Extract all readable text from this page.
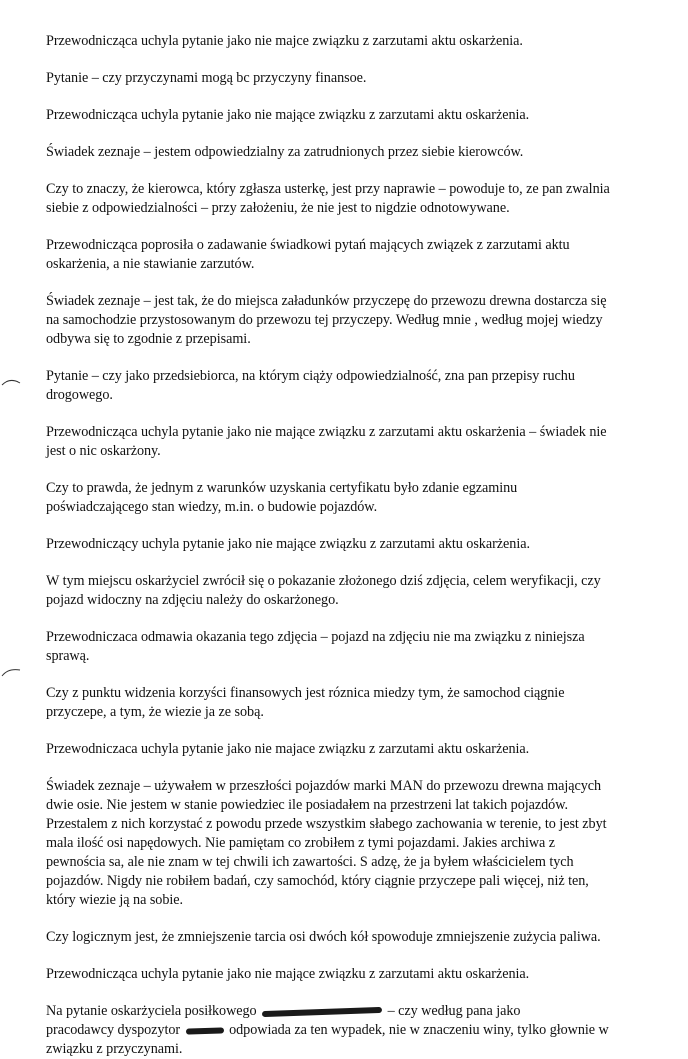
Przewodnicząca uchyla pytanie jako nie majce związku z zarzutami aktu oskarżenia.

Pytanie – czy przyczynami mogą bc przyczyny finansoe.

Przewodnicząca uchyla pytanie jako nie mające związku z zarzutami aktu oskarżenia.

Świadek zeznaje – jestem odpowiedzialny za zatrudnionych przez siebie kierowców.

Czy to znaczy, że kierowca, który zgłasza usterkę, jest przy naprawie – powoduje to, ze pan zwalnia
siebie z odpowiedzialności – przy założeniu, że nie jest to nigdzie odnotowywane.

Przewodnicząca poprosiła o zadawanie świadkowi pytań mających związek z zarzutami aktu
oskarżenia, a nie stawianie zarzutów.

Świadek zeznaje – jest tak, że do miejsca załadunków przyczepę do przewozu drewna dostarcza się
na samochodzie przystosowanym do przewozu tej przyczepy. Według mnie , według mojej wiedzy
odbywa się to zgodnie z przepisami.

Pytanie – czy jako przedsiebiorca, na którym ciąży odpowiedzialność, zna pan przepisy ruchu
drogowego.

Przewodnicząca uchyla pytanie jako nie mające związku z zarzutami aktu oskarżenia – świadek nie
jest o nic oskarżony.

Czy to prawda, że jednym z warunków uzyskania certyfikatu było zdanie egzaminu
poświadczającego stan wiedzy, m.in. o budowie pojazdów.

Przewodniczący uchyla pytanie jako nie mające związku z zarzutami aktu oskarżenia.

W tym miejscu oskarżyciel zwrócił się o pokazanie złożonego dziś zdjęcia, celem weryfikacji, czy
pojazd widoczny na zdjęciu należy do oskarżonego.

Przewodniczaca odmawia okazania tego zdjęcia – pojazd na zdjęciu nie ma związku z niniejsza
sprawą.

Czy z punktu widzenia korzyści finansowych jest róznica miedzy tym, że samochod ciągnie
przyczepe, a tym, że wiezie ja ze sobą.

Przewodniczaca uchyla pytanie jako nie majace związku z zarzutami aktu oskarżenia.

Świadek zeznaje – używałem w przeszłości pojazdów marki MAN do przewozu drewna mających
dwie osie. Nie jestem w stanie powiedziec ile posiadałem na przestrzeni lat takich pojazdów.
Przestalem z nich korzystać z powodu przede wszystkim słabego zachowania w terenie, to jest zbyt
mala ilość osi napędowych. Nie pamiętam co zrobiłem z tymi pojazdami. Jakies archiwa z
pewnościa sa, ale nie znam w tej chwili ich zawartości. S adzę, że ja byłem właścicielem tych
pojazdów. Nigdy nie robiłem badań, czy samochód, który ciągnie przyczepe pali więcej, niż ten,
który wiezie ją na sobie.

Czy logicznym jest, że zmniejszenie tarcia osi dwóch kół spowoduje zmniejszenie zużycia paliwa.

Przewodnicząca uchyla pytanie jako nie mające związku z zarzutami aktu oskarżenia.

Na pytanie oskarżyciela posiłkowego	– czy według pana jako
pracodawcy dyspozytor	odpowiada za ten wypadek, nie w znaczeniu winy, tylko głownie w
związku z przyczynami.
